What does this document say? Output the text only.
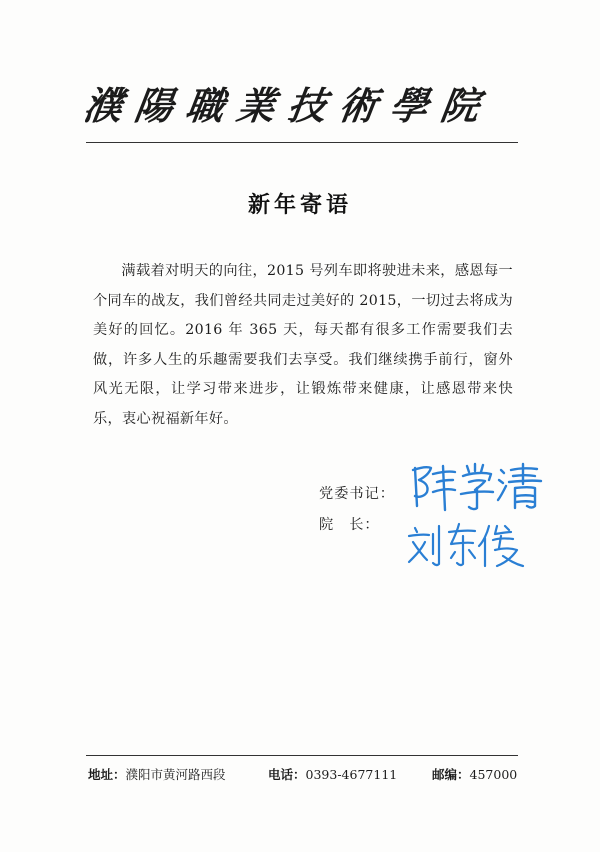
濮陽職業技術學院
新年寄语
满载着对明天的向往，2015 号列车即将驶进未来，感恩每一个同车的战友，我们曾经共同走过美好的 2015，一切过去将成为美好的回忆。2016 年 365 天，每天都有很多工作需要我们去做，许多人生的乐趣需要我们去享受。我们继续携手前行，窗外风光无限，让学习带来进步，让锻炼带来健康，让感恩带来快乐，衷心祝福新年好。
党委书记：
院长：
地址：濮阳市黄河路西段	电话：0393-4677111	邮编：457000
